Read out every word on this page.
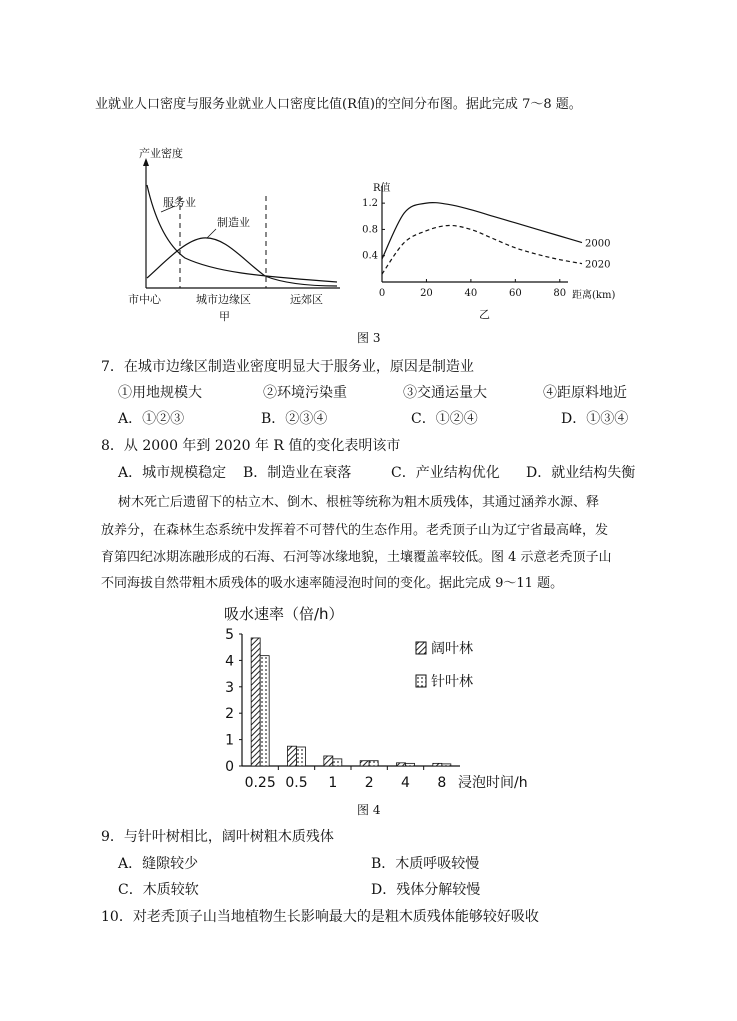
业就业人口密度与服务业就业人口密度比值(R值)的空间分布图。据此完成 7～8 题。
产业密度
服务业
制造业
市中心	城市边缘区	远郊区
甲
0	20	40	60	80
0.4
0.8
1.2
2000
2020
R值
距离(km)
乙
图 3
7．在城市边缘区制造业密度明显大于服务业，原因是制造业
①用地规模大	②环境污染重	③交通运量大	④距原料地近
A．①②③	B．②③④	C．①②④	D．①③④
8．从 2000 年到 2020 年 R 值的变化表明该市
A．城市规模稳定 B．制造业在衰落	C．产业结构优化 D．就业结构失衡
树木死亡后遗留下的枯立木、倒木、根桩等统称为粗木质残体，其通过涵养水源、释
放养分，在森林生态系统中发挥着不可替代的生态作用。老秃顶子山为辽宁省最高峰，发
育第四纪冰期冻融形成的石海、石河等冰缘地貌，土壤覆盖率较低。图 4 示意老秃顶子山
不同海拔自然带粗木质残体的吸水速率随浸泡时间的变化。据此完成 9～11 题。
0
1
2
3
4
5
0.25 0.5 1 2 4 8
吸水速率（倍/h）
浸泡时间/h
阔叶林
针叶林
图 4
9．与针叶树相比，阔叶树粗木质残体
A．缝隙较少	B．木质呼吸较慢
C．木质较软	D．残体分解较慢
10．对老秃顶子山当地植物生长影响最大的是粗木质残体能够较好吸收
